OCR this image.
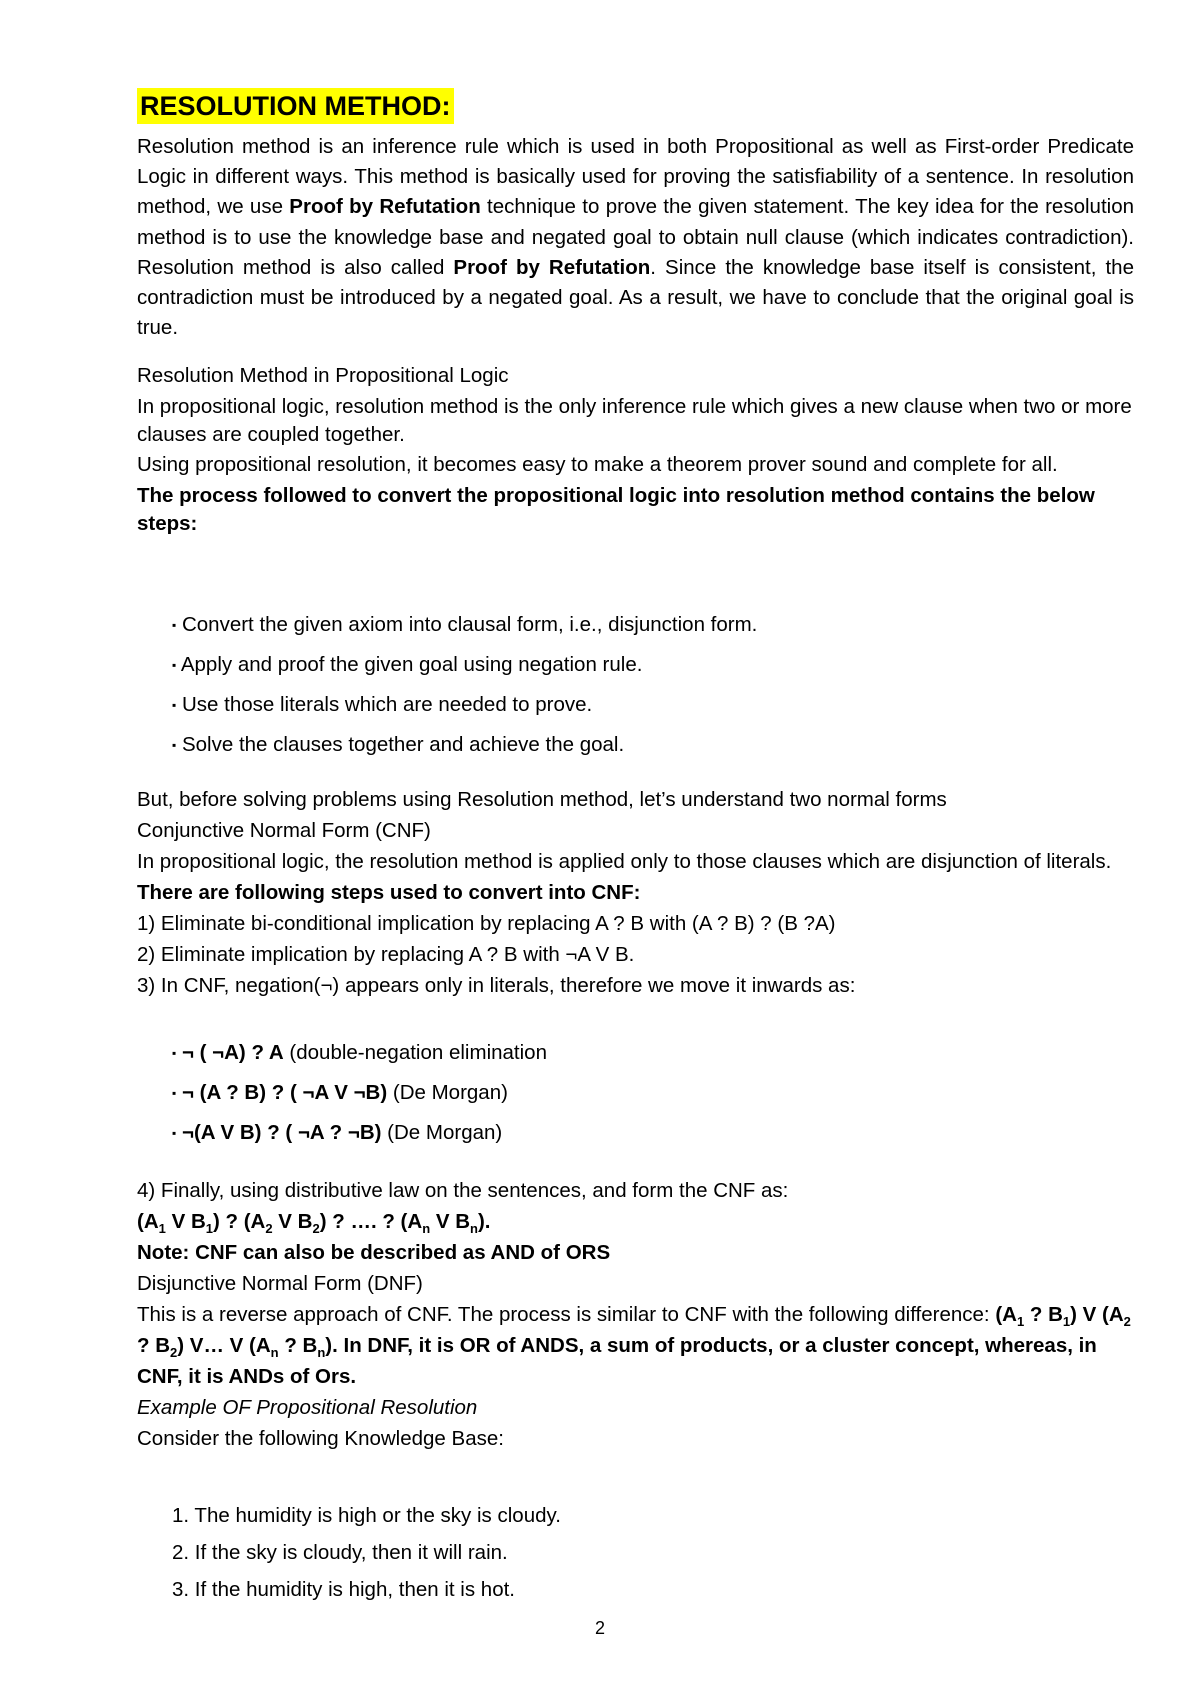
RESOLUTION METHOD:
Resolution method is an inference rule which is used in both Propositional as well as First-order Predicate Logic in different ways. This method is basically used for proving the satisfiability of a sentence. In resolution method, we use Proof by Refutation technique to prove the given statement. The key idea for the resolution method is to use the knowledge base and negated goal to obtain null clause (which indicates contradiction). Resolution method is also called Proof by Refutation. Since the knowledge base itself is consistent, the contradiction must be introduced by a negated goal. As a result, we have to conclude that the original goal is true.
Resolution Method in Propositional Logic
In propositional logic, resolution method is the only inference rule which gives a new clause when two or more clauses are coupled together.
Using propositional resolution, it becomes easy to make a theorem prover sound and complete for all.
The process followed to convert the propositional logic into resolution method contains the below steps:
▪ Convert the given axiom into clausal form, i.e., disjunction form.
▪ Apply and proof the given goal using negation rule.
▪ Use those literals which are needed to prove.
▪ Solve the clauses together and achieve the goal.
But, before solving problems using Resolution method, let’s understand two normal forms
Conjunctive Normal Form (CNF)
In propositional logic, the resolution method is applied only to those clauses which are disjunction of literals. There are following steps used to convert into CNF:
1) Eliminate bi-conditional implication by replacing A ? B with (A ? B) ? (B ?A)
2) Eliminate implication by replacing A ? B with ¬A V B.
3) In CNF, negation(¬) appears only in literals, therefore we move it inwards as:
▪ ¬ ( ¬A) ? A (double-negation elimination
▪ ¬ (A ? B) ? ( ¬A V ¬B) (De Morgan)
▪ ¬(A V B) ? ( ¬A ? ¬B) (De Morgan)
4) Finally, using distributive law on the sentences, and form the CNF as:
($A_1$ V $B_1$) ? ($A_2$ V $B_2$) ? …. ? ($A_n$ V $B_n$).
Note: CNF can also be described as AND of ORS
Disjunctive Normal Form (DNF)
This is a reverse approach of CNF. The process is similar to CNF with the following difference: ($A_1$ ? $B_1$) V ($A_2$ ? $B_2$) V… V ($A_n$ ? $B_n$). In DNF, it is OR of ANDS, a sum of products, or a cluster concept, whereas, in CNF, it is ANDs of Ors.
Example OF Propositional Resolution
Consider the following Knowledge Base:
1. The humidity is high or the sky is cloudy.
2. If the sky is cloudy, then it will rain.
3. If the humidity is high, then it is hot.
2
